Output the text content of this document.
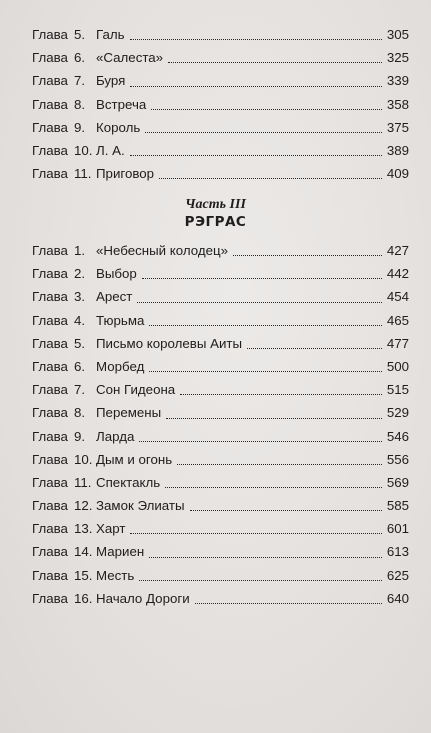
Глава 5. Галь	305
Глава 6. «Салеста»	325
Глава 7. Буря	339
Глава 8. Встреча	358
Глава 9. Король	375
Глава 10. Л. А.	389
Глава 11. Приговор	409
Часть III
РЭГРАС
Глава 1. «Небесный колодец»	427
Глава 2. Выбор	442
Глава 3. Арест	454
Глава 4. Тюрьма	465
Глава 5. Письмо королевы Аиты	477
Глава 6. Морбед	500
Глава 7. Сон Гидеона	515
Глава 8. Перемены	529
Глава 9. Ларда	546
Глава 10. Дым и огонь	556
Глава 11. Спектакль	569
Глава 12. Замок Элиаты	585
Глава 13. Харт	601
Глава 14. Мариен	613
Глава 15. Месть	625
Глава 16. Начало Дороги	640
